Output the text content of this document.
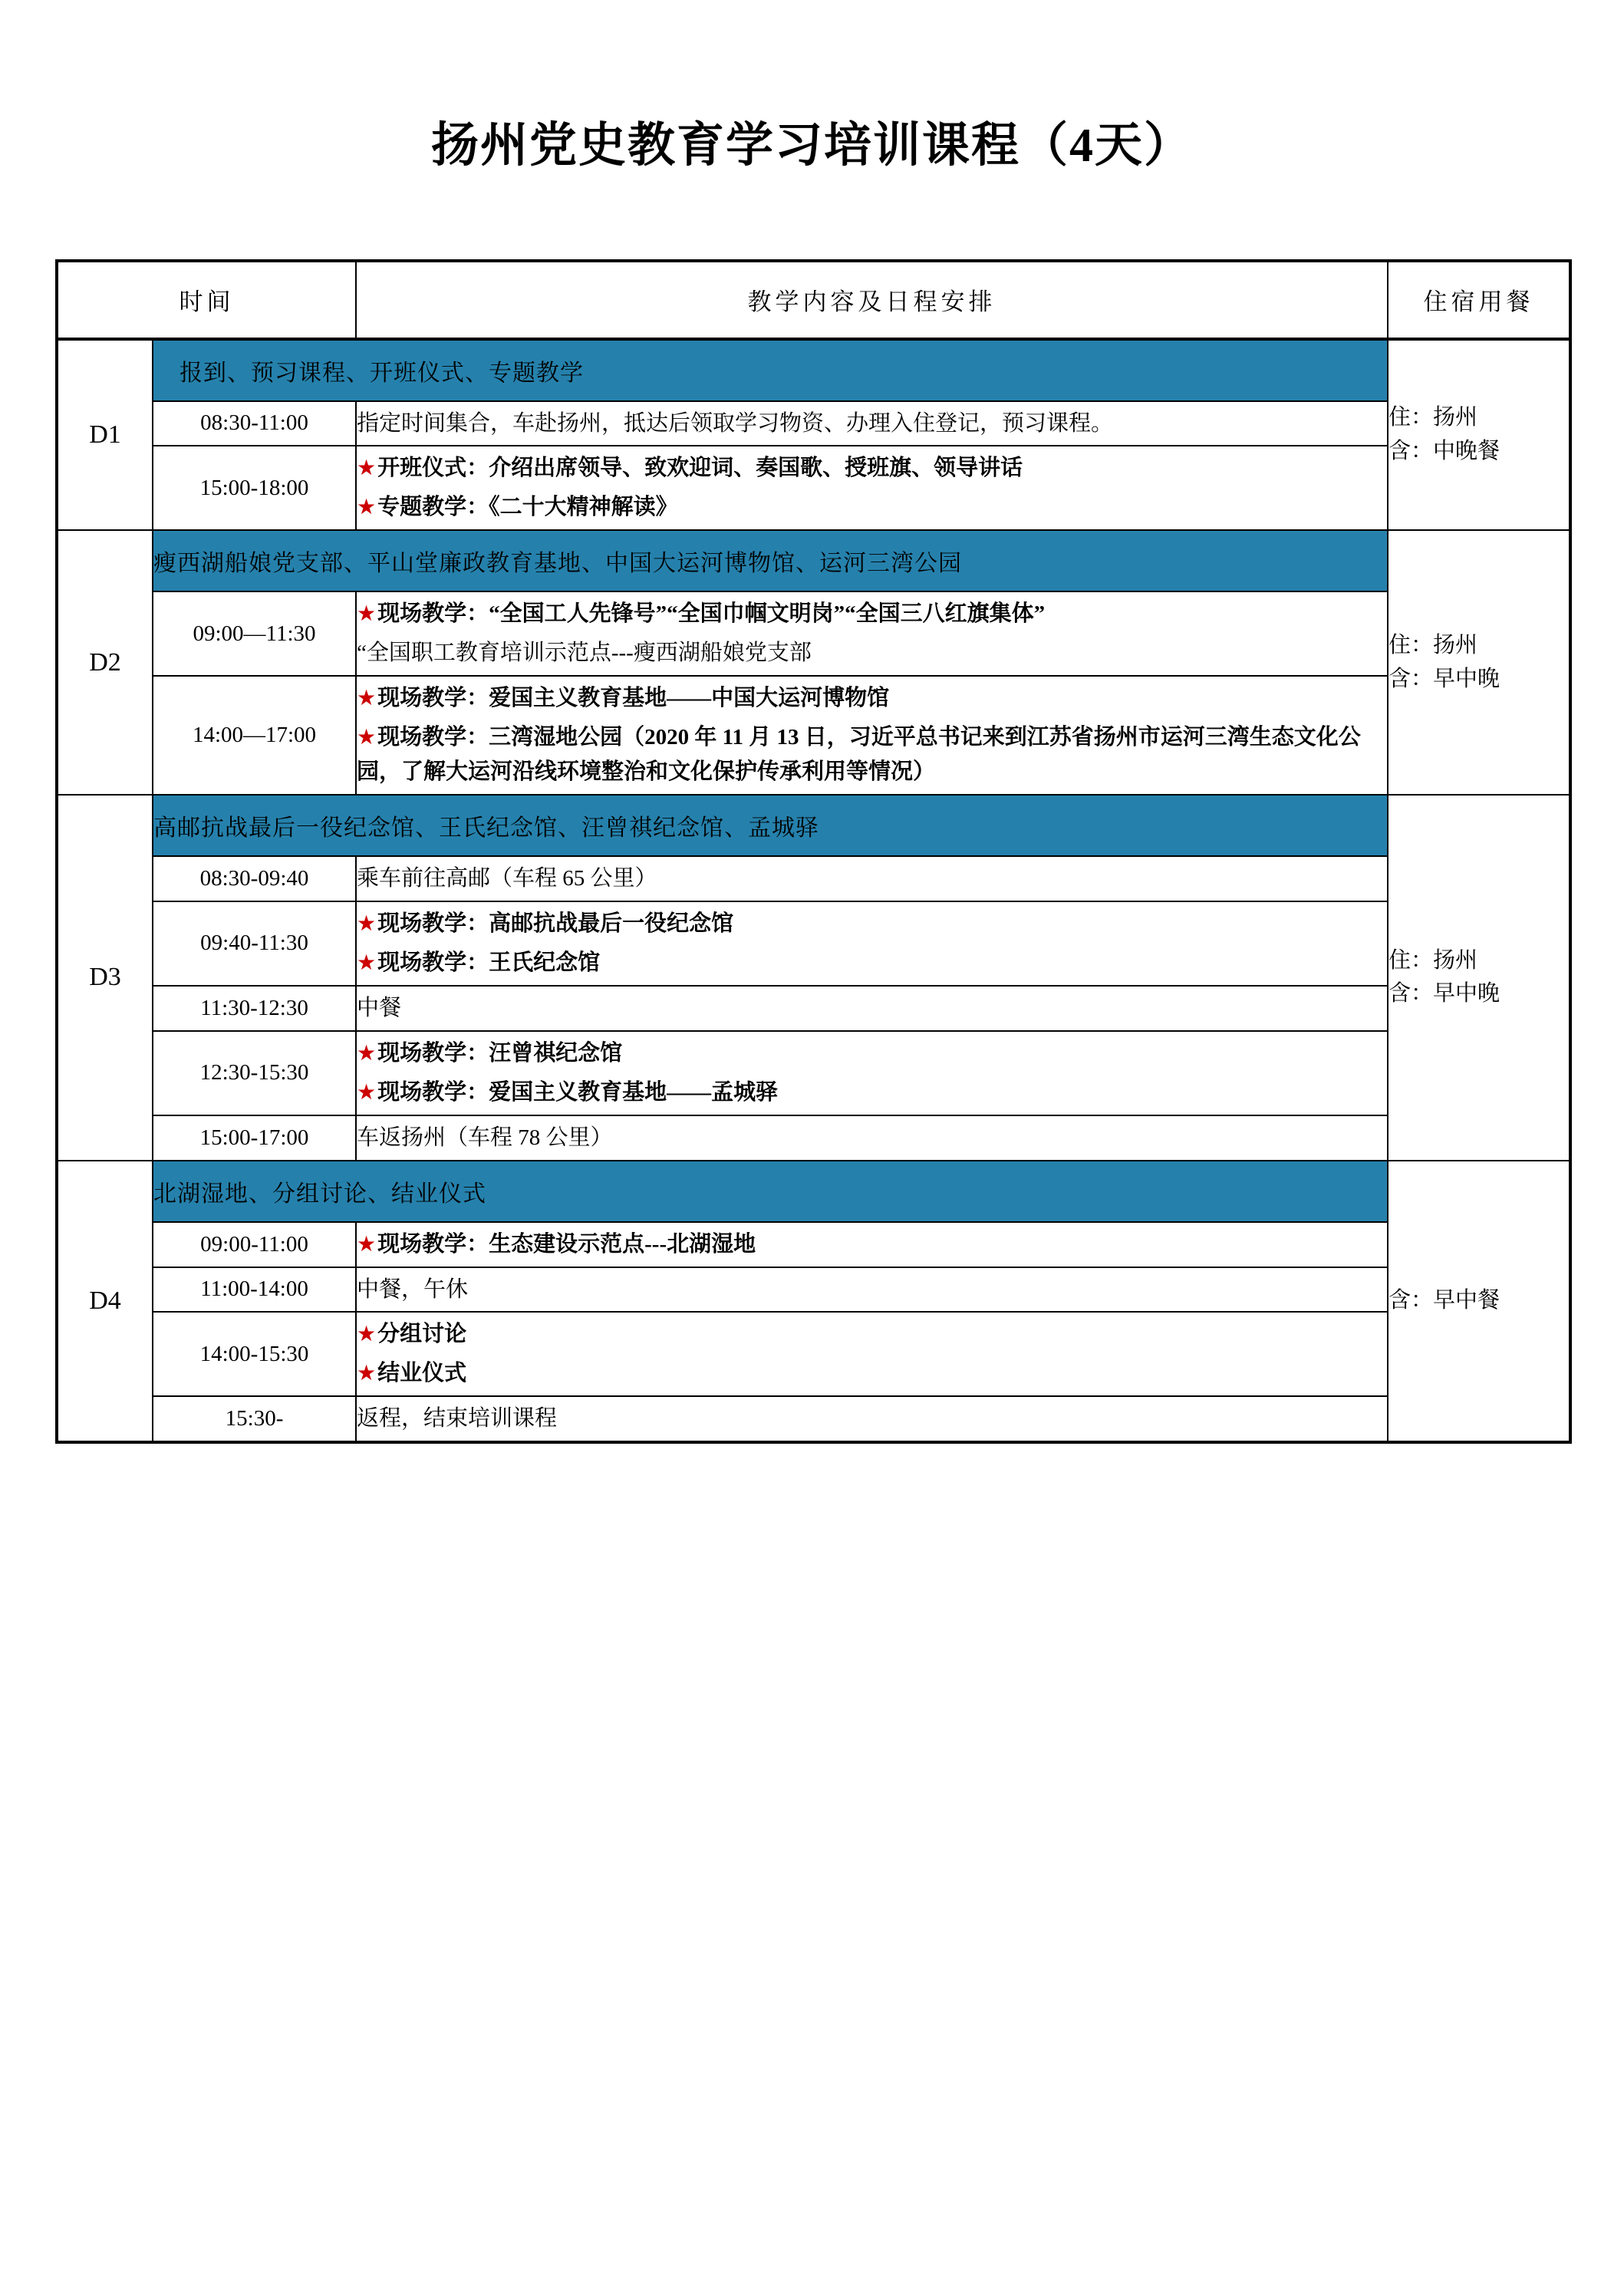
扬州党史教育学习培训课程（4天）
时间		教学内容及日程安排	住宿用餐
D1	报到、预习课程、开班仪式、专题教学		住：扬州
含：中晚餐

	08:30-11:00	指定时间集合，车赴扬州，抵达后领取学习物资、办理入住登记，预习课程。	

	15:00-18:00	★开班仪式：介绍出席领导、致欢迎词、奏国歌、授班旗、领导讲话
★专题教学：《二十大精神解读》	

D2	瘦西湖船娘党支部、平山堂廉政教育基地、中国大运河博物馆、运河三湾公园		住：扬州
含：早中晚

	09:00—11:30	★现场教学：“全国工人先锋号”“全国巾帼文明岗”“全国三八红旗集体”
“全国职工教育培训示范点---瘦西湖船娘党支部	

	14:00—17:00	★现场教学：爱国主义教育基地——中国大运河博物馆
★现场教学：三湾湿地公园（2020 年 11 月 13 日，习近平总书记来到江苏省扬州市运河三湾生态文化公园，了解大运河沿线环境整治和文化保护传承利用等情况）	

D3	高邮抗战最后一役纪念馆、王氏纪念馆、汪曾祺纪念馆、孟城驿		住：扬州
含：早中晚

	08:30-09:40	乘车前往高邮（车程 65 公里）	

	09:40-11:30	★现场教学：高邮抗战最后一役纪念馆
★现场教学：王氏纪念馆	

	11:30-12:30	中餐	

	12:30-15:30	★现场教学：汪曾祺纪念馆
★现场教学：爱国主义教育基地——孟城驿	

	15:00-17:00	车返扬州（车程 78 公里）	

D4	北湖湿地、分组讨论、结业仪式		含：早中餐

	09:00-11:00	★现场教学：生态建设示范点---北湖湿地	

	11:00-14:00	中餐，午休	

	14:00-15:30	★分组讨论
★结业仪式	

	15:30-	返程，结束培训课程	
